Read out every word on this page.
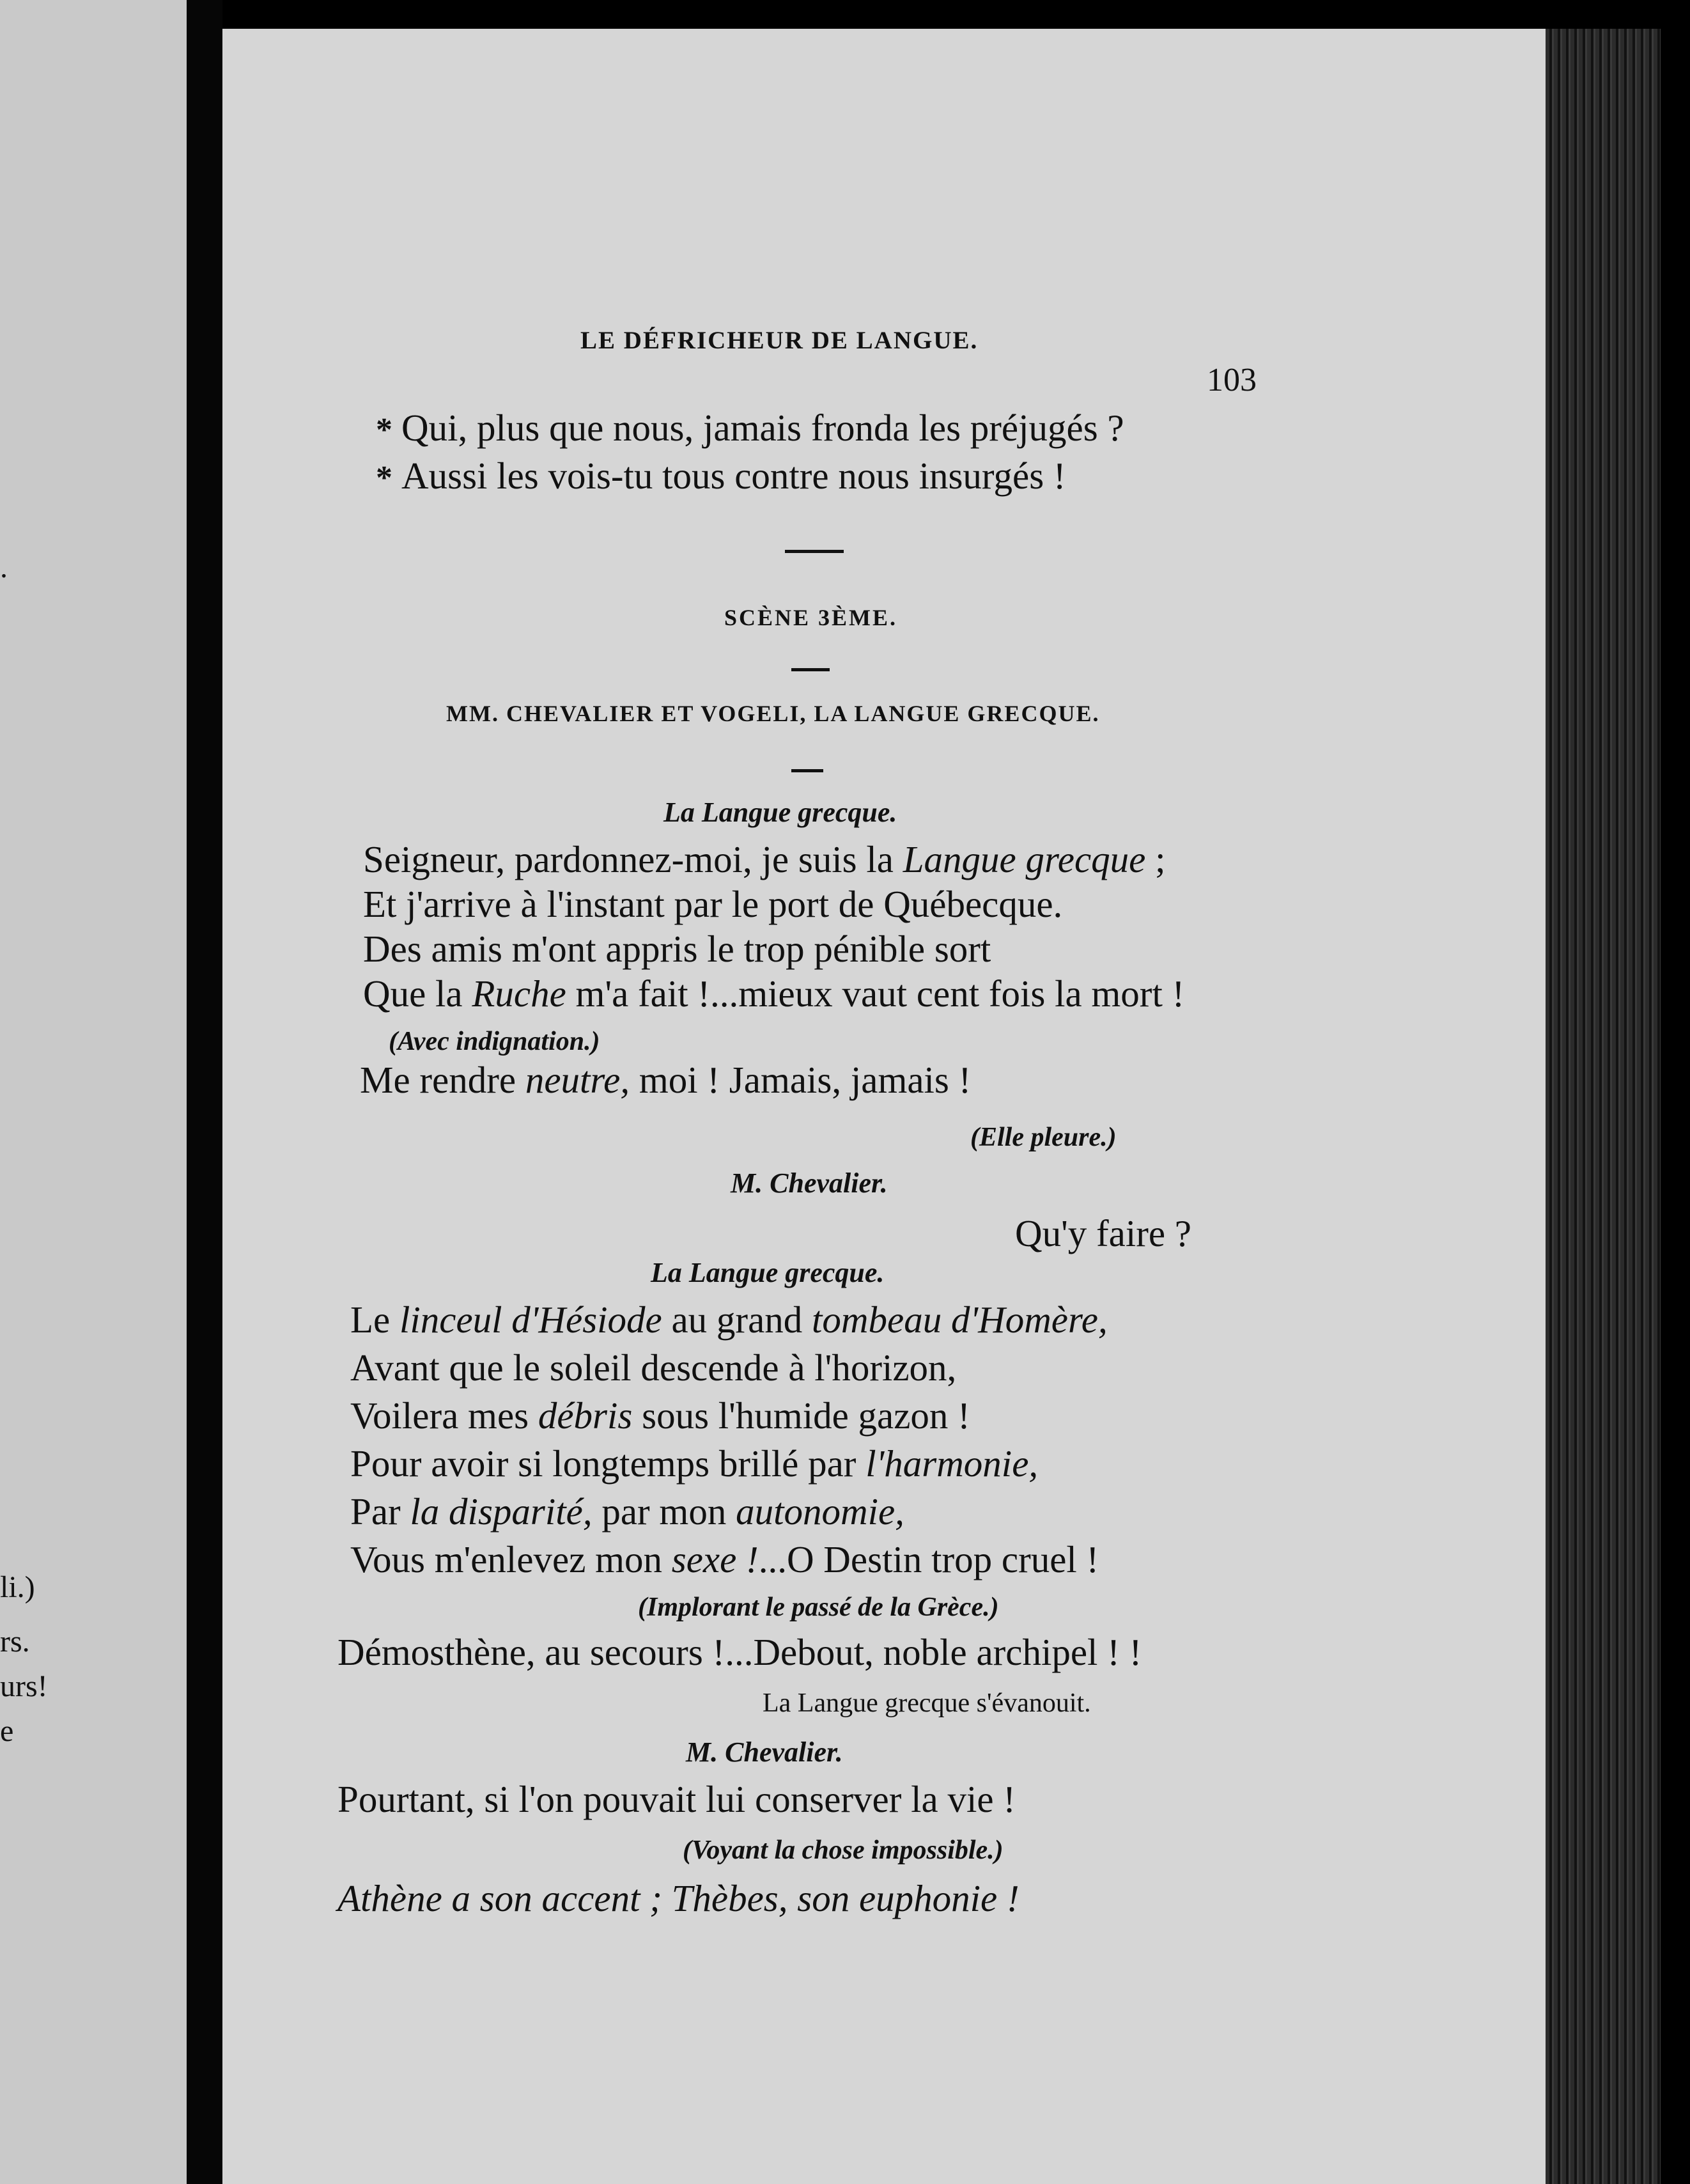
.
li.)
rs.
urs!
e
LE DÉFRICHEUR DE LANGUE.
103
* Qui, plus que nous, jamais fronda les préjugés ?
* Aussi les vois-tu tous contre nous insurgés !
SCÈNE 3ÈME.
MM. CHEVALIER ET VOGELI, LA LANGUE GRECQUE.
La Langue grecque.
Seigneur, pardonnez-moi, je suis la Langue grecque ;
Et j'arrive à l'instant par le port de Québecque.
Des amis m'ont appris le trop pénible sort
Que la Ruche m'a fait !...mieux vaut cent fois la mort !
(Avec indignation.)
Me rendre neutre, moi ! Jamais, jamais !
(Elle pleure.)
M. Chevalier.
Qu'y faire ?
La Langue grecque.
Le linceul d'Hésiode au grand tombeau d'Homère,
Avant que le soleil descende à l'horizon,
Voilera mes débris sous l'humide gazon !
Pour avoir si longtemps brillé par l'harmonie,
Par la disparité, par mon autonomie,
Vous m'enlevez mon sexe !...O Destin trop cruel !
(Implorant le passé de la Grèce.)
Démosthène, au secours !...Debout, noble archipel ! !
La Langue grecque s'évanouit.
M. Chevalier.
Pourtant, si l'on pouvait lui conserver la vie !
(Voyant la chose impossible.)
Athène a son accent ; Thèbes, son euphonie !
